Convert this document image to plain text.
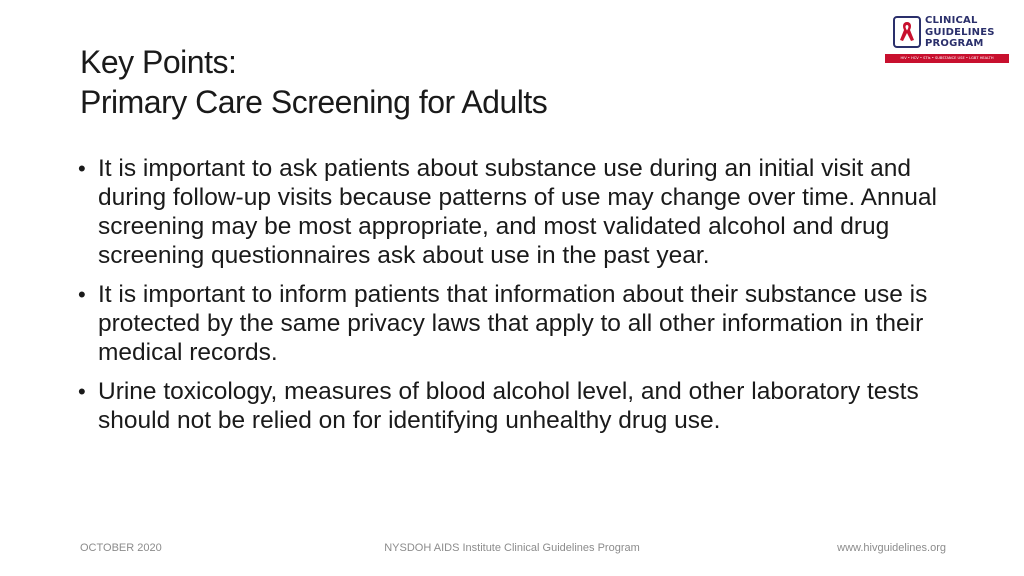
Key Points:
Primary Care Screening for Adults
CLINICAL
GUIDELINES
PROGRAM
HIV • HCV • STIs • SUBSTANCE USE • LGBT HEALTH
• It is important to ask patients about substance use during an initial visit and during follow-up visits because patterns of use may change over time. Annual screening may be most appropriate, and most validated alcohol and drug screening questionnaires ask about use in the past year.
• It is important to inform patients that information about their substance use is protected by the same privacy laws that apply to all other information in their medical records.
• Urine toxicology, measures of blood alcohol level, and other laboratory tests should not be relied on for identifying unhealthy drug use.
NYSDOH AIDS Institute Clinical Guidelines Program
OCTOBER 2020	www.hivguidelines.org
